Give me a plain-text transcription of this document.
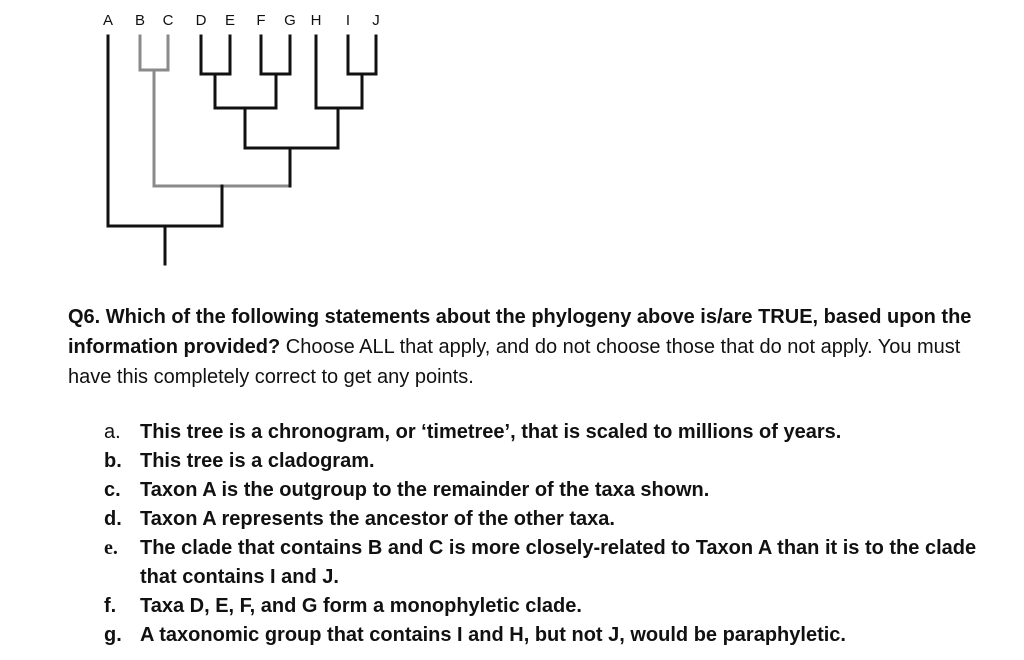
A B C D E F G H I J

Q6. Which of the following statements about the phylogeny above is/are TRUE, based upon the information provided? Choose ALL that apply, and do not choose those that do not apply. You must have this completely correct to get any points.

a. This tree is a chronogram, or ‘timetree’, that is scaled to millions of years.
b. This tree is a cladogram.
c. Taxon A is the outgroup to the remainder of the taxa shown.
d. Taxon A represents the ancestor of the other taxa.
e.	The clade that contains B and C is more closely-related to Taxon A than it is to the clade that contains I and J.
f.	Taxa D, E, F, and G form a monophyletic clade.
g. A taxonomic group that contains I and H, but not J, would be paraphyletic.
